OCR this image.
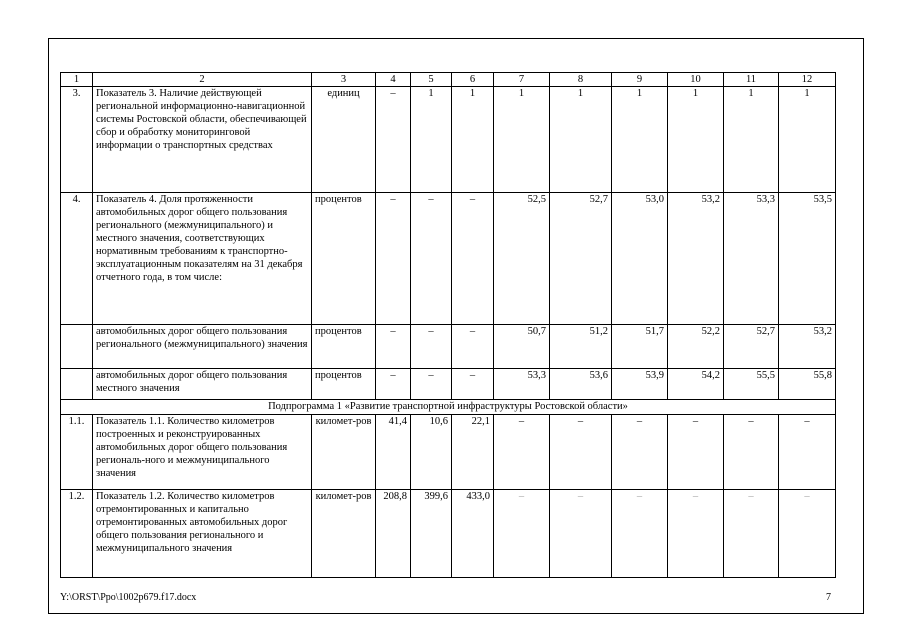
1	2	3	4	5	6	7	8	9	10	11	12
3.	Показатель 3. Наличие действующей региональной информационно-навигационной системы Ростовской области, обеспечивающей сбор и обработку мониторинговой информации о транспортных средствах	единиц	–	1	1	1	1	1	1	1	1
4.	Показатель 4. Доля протяженности автомобильных дорог общего пользования регионального (межмуниципального) и местного значения, соответствующих нормативным требованиям к транспортно-эксплуатационным показателям на 31 декабря отчетного года, в том числе:	процентов	–	–	–	52,5	52,7	53,0	53,2	53,3	53,5
	автомобильных дорог общего пользования регионального (межмуниципального) значения	процентов	–	–	–	50,7	51,2	51,7	52,2	52,7	53,2
	автомобильных дорог общего пользования местного значения	процентов	–	–	–	53,3	53,6	53,9	54,2	55,5	55,8
Подпрограмма 1 «Развитие транспортной инфраструктуры Ростовской области»											
1.1.	Показатель 1.1. Количество километров построенных и реконструированных автомобильных дорог общего пользования региональ-ного и межмуниципального значения	километ-ров	41,4	10,6	22,1	–	–	–	–	–	–
1.2.	Показатель 1.2. Количество километров отремонтированных и капитально отремонтированных автомобильных дорог общего пользования регионального и межмуниципального значения	километ-ров	208,8	399,6	433,0	–	–	–	–	–	–
Y:\ORST\Ppo\1002p679.f17.docx	7
